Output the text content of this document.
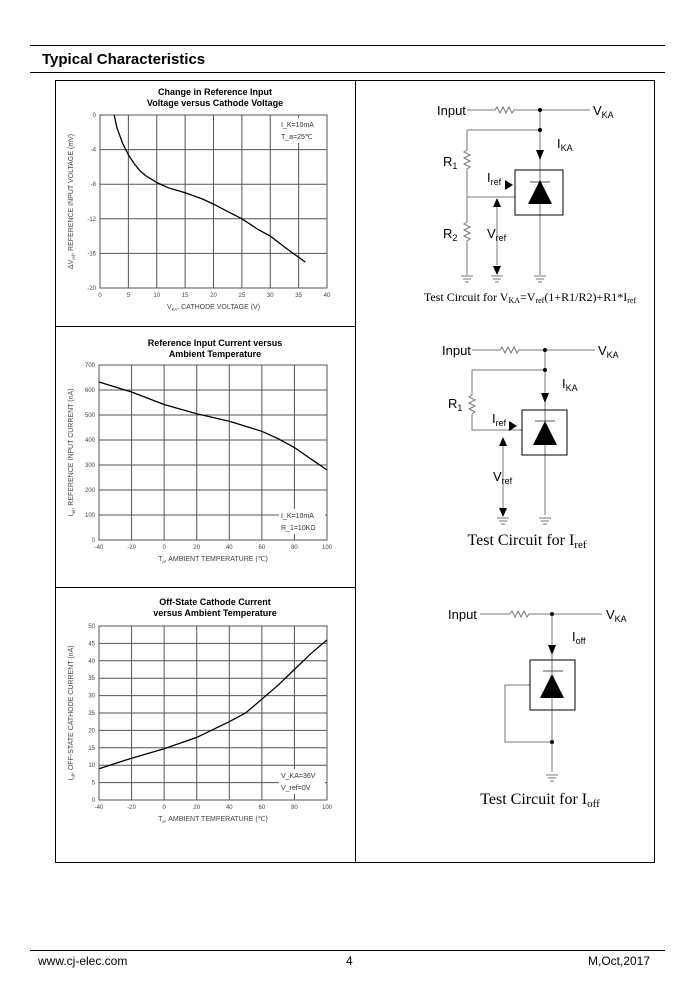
Typical Characteristics
Change in Reference Input
Voltage versus Cathode Voltage
0	5	10	15	20	25	30	35	40
0
-4
-8
-12
-16
-20
$V_{KA}$, CATHODE VOLTAGE (V)
$\Delta V_{ref}$, REFERENCE INPUT VOLTAGE (mV)
Reference Input Current versus
Ambient Temperature
-40	-20	0	20	40	60	80	100
0
100
200
300
400
500
600
700
$T_a$, AMBIENT TEMPERATURE (℃)
$I_{ref}$, REFERENCE INPUT CURRENT (nA)
Off-State Cathode Current
versus Ambient Temperature
-40	-20	0	20	40	60	80	100
0
5
10
15
20
25
30
35
40
45
50
$T_a$, AMBIENT TEMPERATURE (℃)
$I_{off}$, OFF-STATE CATHODE CURRENT (nA)
I_K=10mA
T_a=25℃
I_K=10mA
R_1=10KΩ
V_KA=36V
V_ref=0V
Input	$V_{KA}$
$I_{KA}$
$R_1$
$I_{ref}$
$R_2$ $V_{ref}$
Test Circuit for VKA=Vref(1+R1/R2)+R1*Iref
Input	$V_{KA}$
$I_{KA}$
$R_1$
$I_{ref}$
$V_{ref}$
Test Circuit for Iref
Input	$V_{KA}$
$I_{off}$
Test Circuit for Ioff
www.cj-elec.com	4	M,Oct,2017
